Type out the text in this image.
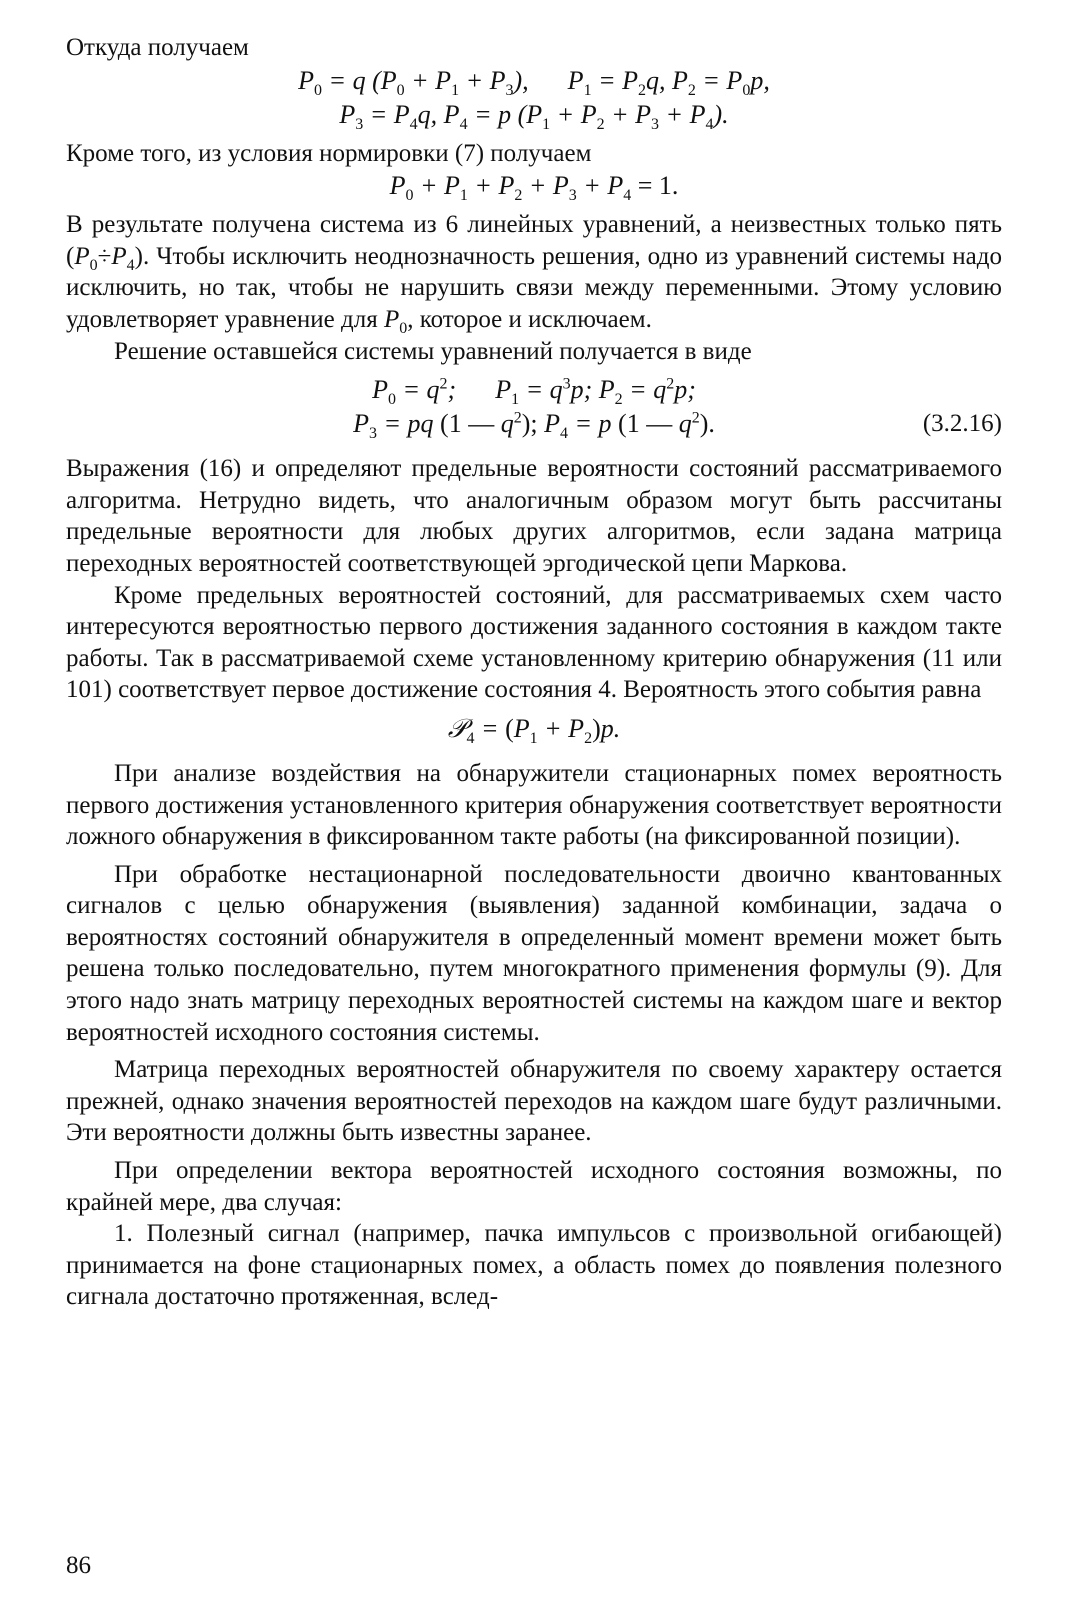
Откуда получаем

$P_0 = q$ $(P_0 + P_1 + P_3)$,      $P_1 = P_2q$, $P_2 = P_0p$,
$P_3 = P_4q$, $P_4 = p$ $(P_1 + P_2 + P_3 + P_4)$.

Кроме того, из условия нормировки (7) получаем

$P_0 + P_1 + P_2 + P_3 + P_4 = 1$.

В результате получена система из 6 линейных уравнений, а неизвестных только пять $(P_0\div P_4)$. Чтобы исключить неоднозначность решения, одно из уравнений системы надо исключить, но так, чтобы не нарушить связи между переменными. Этому условию удовлетворяет уравнение для $P_0$, которое и исключаем.

Решение оставшейся системы уравнений получается в виде

$P_0 = q^2$;      $P_1 = q^3p$; $P_2 = q^2p$;
$P_3$ = pq (1 — $q^2$); $P_4 = p$ (1 — $q^2$).	(3.2.16)

Выражения (16) и определяют предельные вероятности состояний рассматриваемого алгоритма. Нетрудно видеть, что аналогичным образом могут быть рассчитаны предельные вероятности для любых других алгоритмов, если задана матрица переходных вероятностей соответствующей эргодической цепи Маркова.

Кроме предельных вероятностей состояний, для рассматриваемых схем часто интересуются вероятностью первого достижения заданного состояния в каждом такте работы. Так в рассматриваемой схеме установленному критерию обнаружения (11 или 101) соответствует первое достижение состояния 4. Вероятность этого события равна

𝒫$_4$ = $(P_1 + P_2)p$.

При анализе воздействия на обнаружители стационарных помех вероятность первого достижения установленного критерия обнаружения соответствует вероятности ложного обнаружения в фиксированном такте работы (на фиксированной позиции).

При обработке нестационарной последовательности двоично квантованных сигналов с целью обнаружения (выявления) заданной комбинации, задача о вероятностях состояний обнаружителя в определенный момент времени может быть решена только последовательно, путем многократного применения формулы (9). Для этого надо знать матрицу переходных вероятностей системы на каждом шаге и вектор вероятностей исходного состояния системы.

Матрица переходных вероятностей обнаружителя по своему характеру остается прежней, однако значения вероятностей переходов на каждом шаге будут различными. Эти вероятности должны быть известны заранее.

При определении вектора вероятностей исходного состояния возможны, по крайней мере, два случая:

1. Полезный сигнал (например, пачка импульсов с произвольной огибающей) принимается на фоне стационарных помех, а область помех до появления полезного сигнала достаточно протяженная, вслед-

86
